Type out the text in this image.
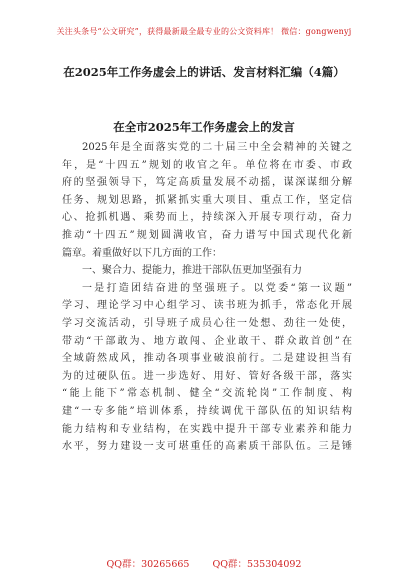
关注头条号“公文研究”，获得最新最全最专业的公文资料库！ 微信：gongwenyj
在2025年工作务虚会上的讲话、发言材料汇编（4篇）
在全市2025年工作务虚会上的发言
2025年是全面落实党的二十届三中全会精神的关键之
年，是“十四五”规划的收官之年。单位将在市委、市政
府的坚强领导下，笃定高质量发展不动摇，谋深谋细分解
任务、规划思路，抓紧抓实重大项目、重点工作，坚定信
心、抢抓机遇、乘势而上，持续深入开展专项行动，奋力
推动“十四五”规划圆满收官，奋力谱写中国式现代化新
篇章。着重做好以下几方面的工作：
一、聚合力、提能力，推进干部队伍更加坚强有力
一是打造团结奋进的坚强班子。以党委“第一议题”
学习、理论学习中心组学习、读书班为抓手，常态化开展
学习交流活动，引导班子成员心往一处想、劲往一处使，
带动“干部敢为、地方敢闯、企业敢干、群众敢首创”在
全域蔚然成风，推动各项事业破浪前行。二是建设担当有
为的过硬队伍。进一步选好、用好、管好各级干部，落实
“能上能下”常态机制、健全“交流轮岗”工作制度、构
建“一专多能”培训体系，持续调优干部队伍的知识结构
能力结构和专业结构，在实践中提升干部专业素养和能力
水平，努力建设一支可堪重任的高素质干部队伍。三是锤
QQ群：30265665 QQ群：535304092
